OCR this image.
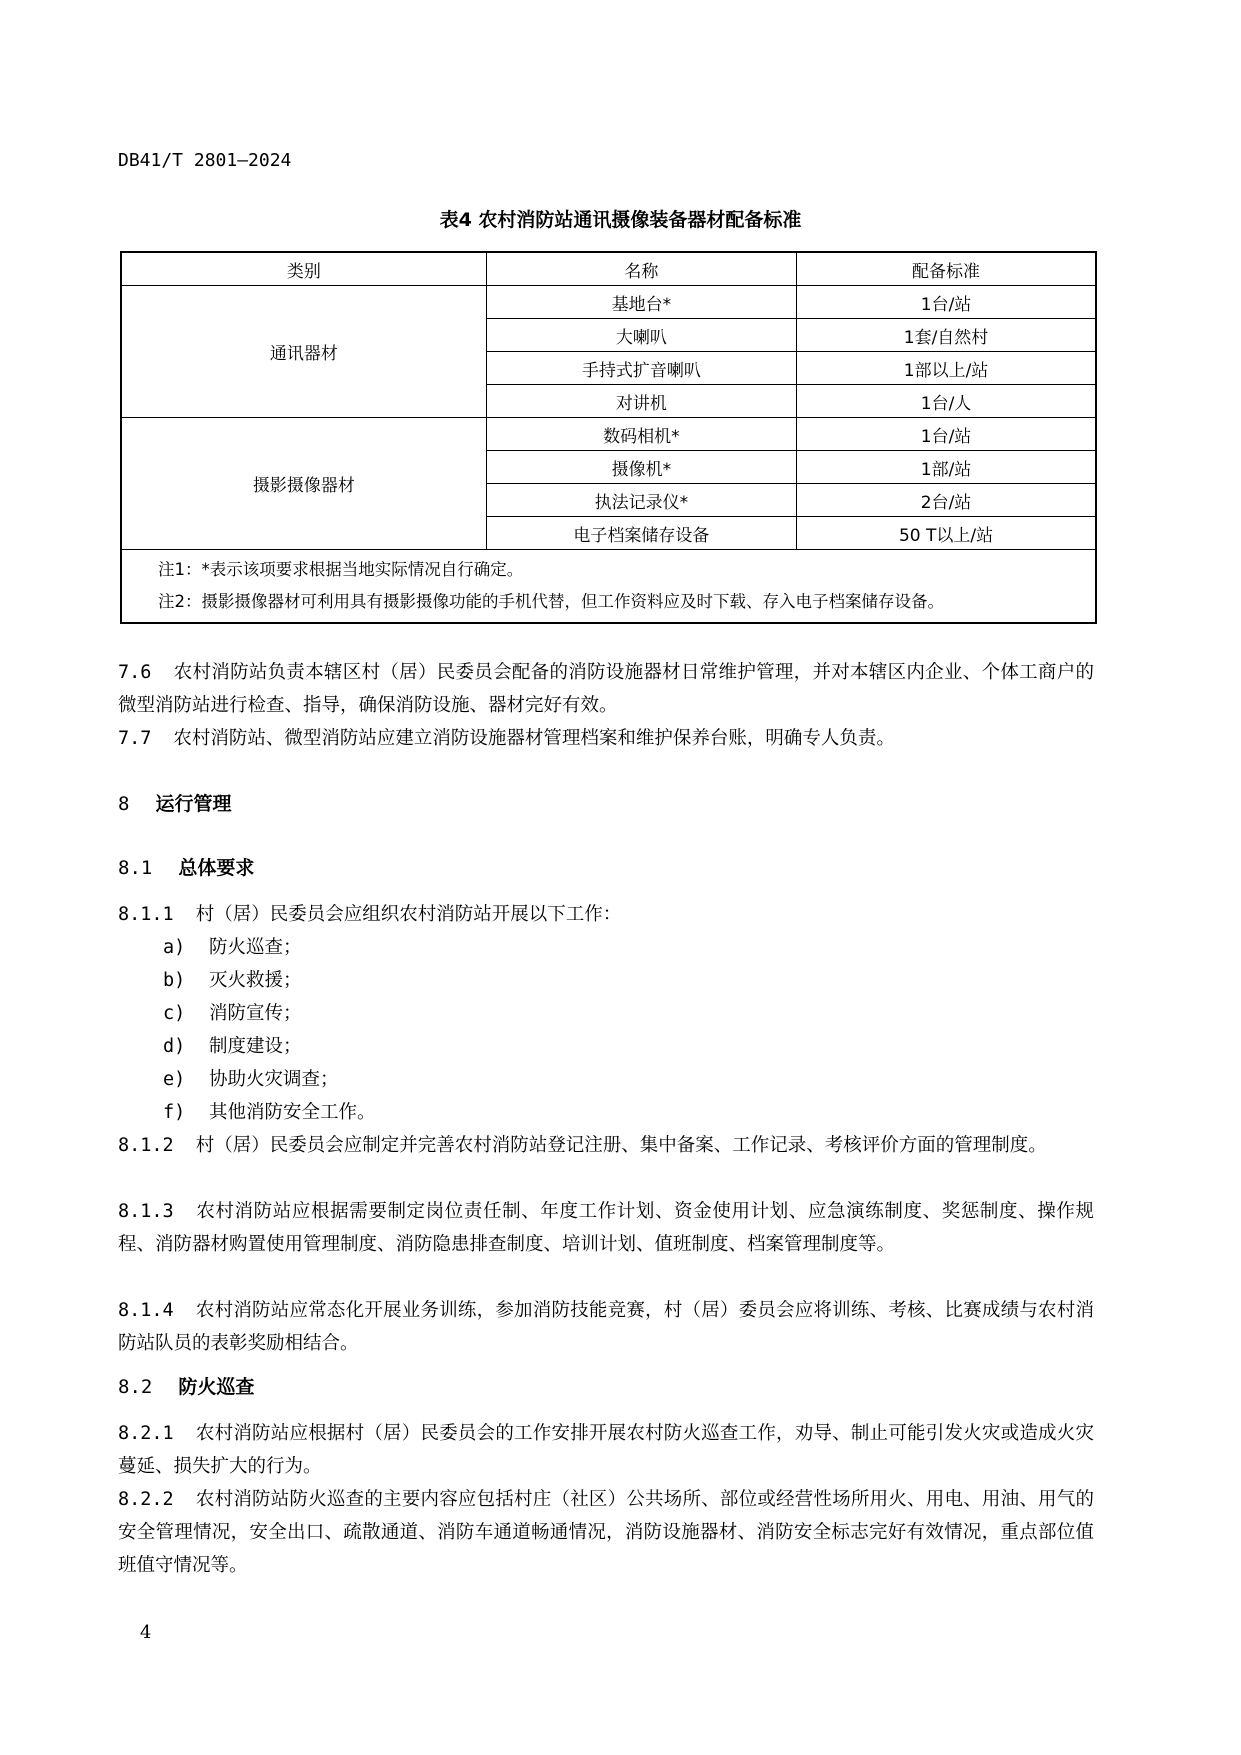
DB41/T 2801—2024
表4 农村消防站通讯摄像装备器材配备标准
类别	名称	配备标准
通讯器材	基地台*	1台/站
	大喇叭	1套/自然村
	手持式扩音喇叭	1部以上/站
	对讲机	1台/人
摄影摄像器材	数码相机*	1台/站
	摄像机*	1部/站
	执法记录仪*	2台/站
	电子档案储存设备	50 T以上/站

注1：*表示该项要求根据当地实际情况自行确定。
注2：摄影摄像器材可利用具有摄影摄像功能的手机代替，但工作资料应及时下载、存入电子档案储存设备。		

7.6 农村消防站负责本辖区村（居）民委员会配备的消防设施器材日常维护管理，并对本辖区内企业、个体工商户的微型消防站进行检查、指导，确保消防设施、器材完好有效。

7.7 农村消防站、微型消防站应建立消防设施器材管理档案和维护保养台账，明确专人负责。

8 运行管理
8.1 总体要求

8.1.1 村（居）民委员会应组织农村消防站开展以下工作：

a) 防火巡查；
b) 灭火救援；
c) 消防宣传；
d) 制度建设；
e) 协助火灾调查；
f) 其他消防安全工作。

8.1.2 村（居）民委员会应制定并完善农村消防站登记注册、集中备案、工作记录、考核评价方面的管理制度。

8.1.3 农村消防站应根据需要制定岗位责任制、年度工作计划、资金使用计划、应急演练制度、奖惩制度、操作规程、消防器材购置使用管理制度、消防隐患排查制度、培训计划、值班制度、档案管理制度等。

8.1.4 农村消防站应常态化开展业务训练，参加消防技能竞赛，村（居）委员会应将训练、考核、比赛成绩与农村消防站队员的表彰奖励相结合。

8.2 防火巡查

8.2.1 农村消防站应根据村（居）民委员会的工作安排开展农村防火巡查工作，劝导、制止可能引发火灾或造成火灾蔓延、损失扩大的行为。

8.2.2 农村消防站防火巡查的主要内容应包括村庄（社区）公共场所、部位或经营性场所用火、用电、用油、用气的安全管理情况，安全出口、疏散通道、消防车通道畅通情况，消防设施器材、消防安全标志完好有效情况，重点部位值班值守情况等。

4
